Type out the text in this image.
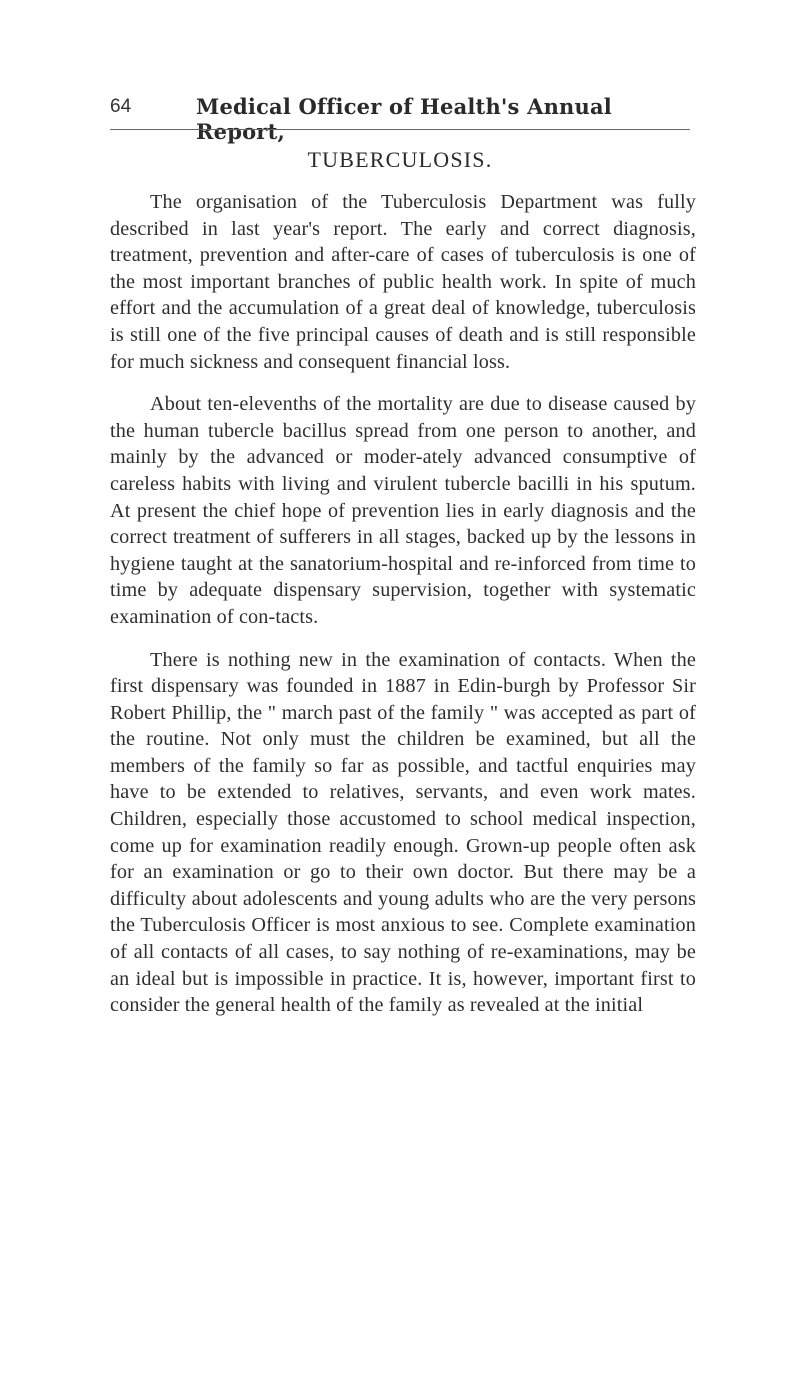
64	Medical Officer of Health's Annual Report,
TUBERCULOSIS.

The organisation of the Tuberculosis Department was fully described in last year's report. The early and correct diagnosis, treatment, prevention and after-care of cases of tuberculosis is one of the most important branches of public health work. In spite of much effort and the accumulation of a great deal of knowledge, tuberculosis is still one of the five principal causes of death and is still responsible for much sickness and consequent financial loss.

About ten-elevenths of the mortality are due to disease caused by the human tubercle bacillus spread from one person to another, and mainly by the advanced or moder-ately advanced consumptive of careless habits with living and virulent tubercle bacilli in his sputum. At present the chief hope of prevention lies in early diagnosis and the correct treatment of sufferers in all stages, backed up by the lessons in hygiene taught at the sanatorium-hospital and re-inforced from time to time by adequate dispensary supervision, together with systematic examination of con-tacts.

There is nothing new in the examination of contacts. When the first dispensary was founded in 1887 in Edin-burgh by Professor Sir Robert Phillip, the " march past of the family " was accepted as part of the routine. Not only must the children be examined, but all the members of the family so far as possible, and tactful enquiries may have to be extended to relatives, servants, and even work mates. Children, especially those accustomed to school medical inspection, come up for examination readily enough. Grown-up people often ask for an examination or go to their own doctor. But there may be a difficulty about adolescents and young adults who are the very persons the Tuberculosis Officer is most anxious to see. Complete examination of all contacts of all cases, to say nothing of re-examinations, may be an ideal but is impossible in practice. It is, however, important first to consider the general health of the family as revealed at the initial
